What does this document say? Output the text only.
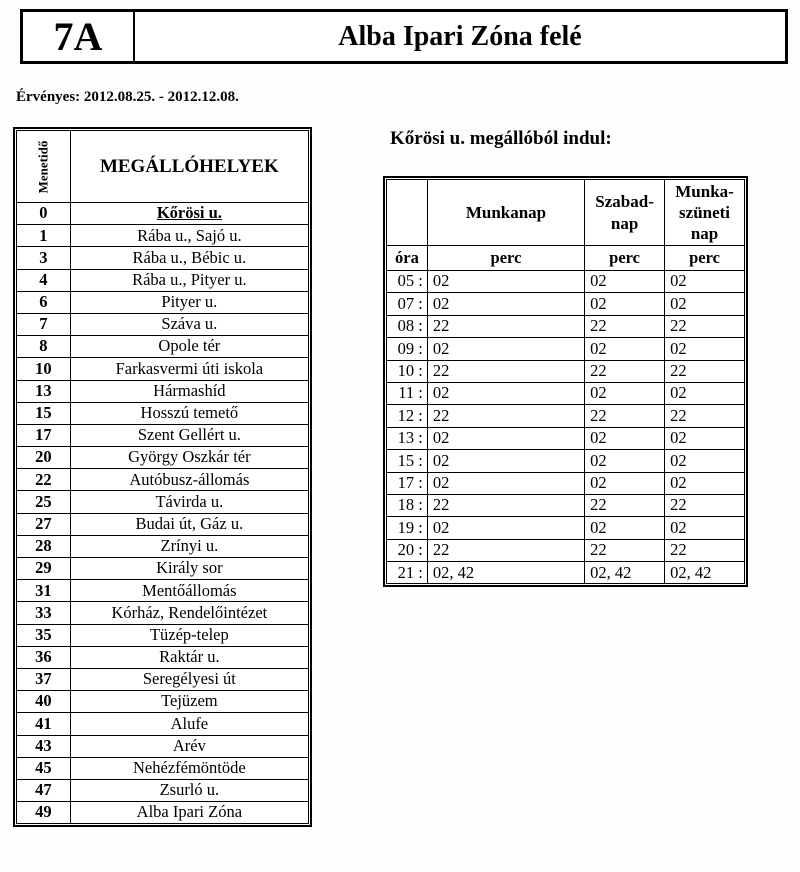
7A	Alba Ipari Zóna felé
Érvényes: 2012.08.25. - 2012.12.08.
Menetidő	MEGÁLLÓHELYEK
0	Kőrösi u.
1	Rába u., Sajó u.
3	Rába u., Bébic u.
4	Rába u., Pityer u.
6	Pityer u.
7	Száva u.
8	Opole tér
10	Farkasvermi úti iskola
13	Hármashíd
15	Hosszú temető
17	Szent Gellért u.
20	György Oszkár tér
22	Autóbusz-állomás
25	Távirda u.
27	Budai út, Gáz u.
28	Zrínyi u.
29	Király sor
31	Mentőállomás
33	Kórház, Rendelőintézet
35	Tüzép-telep
36	Raktár u.
37	Seregélyesi út
40	Tejüzem
41	Alufe
43	Arév
45	Nehézfémöntöde
47	Zsurló u.
49	Alba Ipari Zóna
Kőrösi u. megállóból indul:
	Munkanap	Szabad-nap	Munka-szüneti nap
óra	perc	perc	perc
05 :	02	02	02
07 :	02	02	02
08 :	22	22	22
09 :	02	02	02
10 :	22	22	22
11 :	02	02	02
12 :	22	22	22
13 :	02	02	02
15 :	02	02	02
17 :	02	02	02
18 :	22	22	22
19 :	02	02	02
20 :	22	22	22
21 :	02, 42	02, 42	02, 42
